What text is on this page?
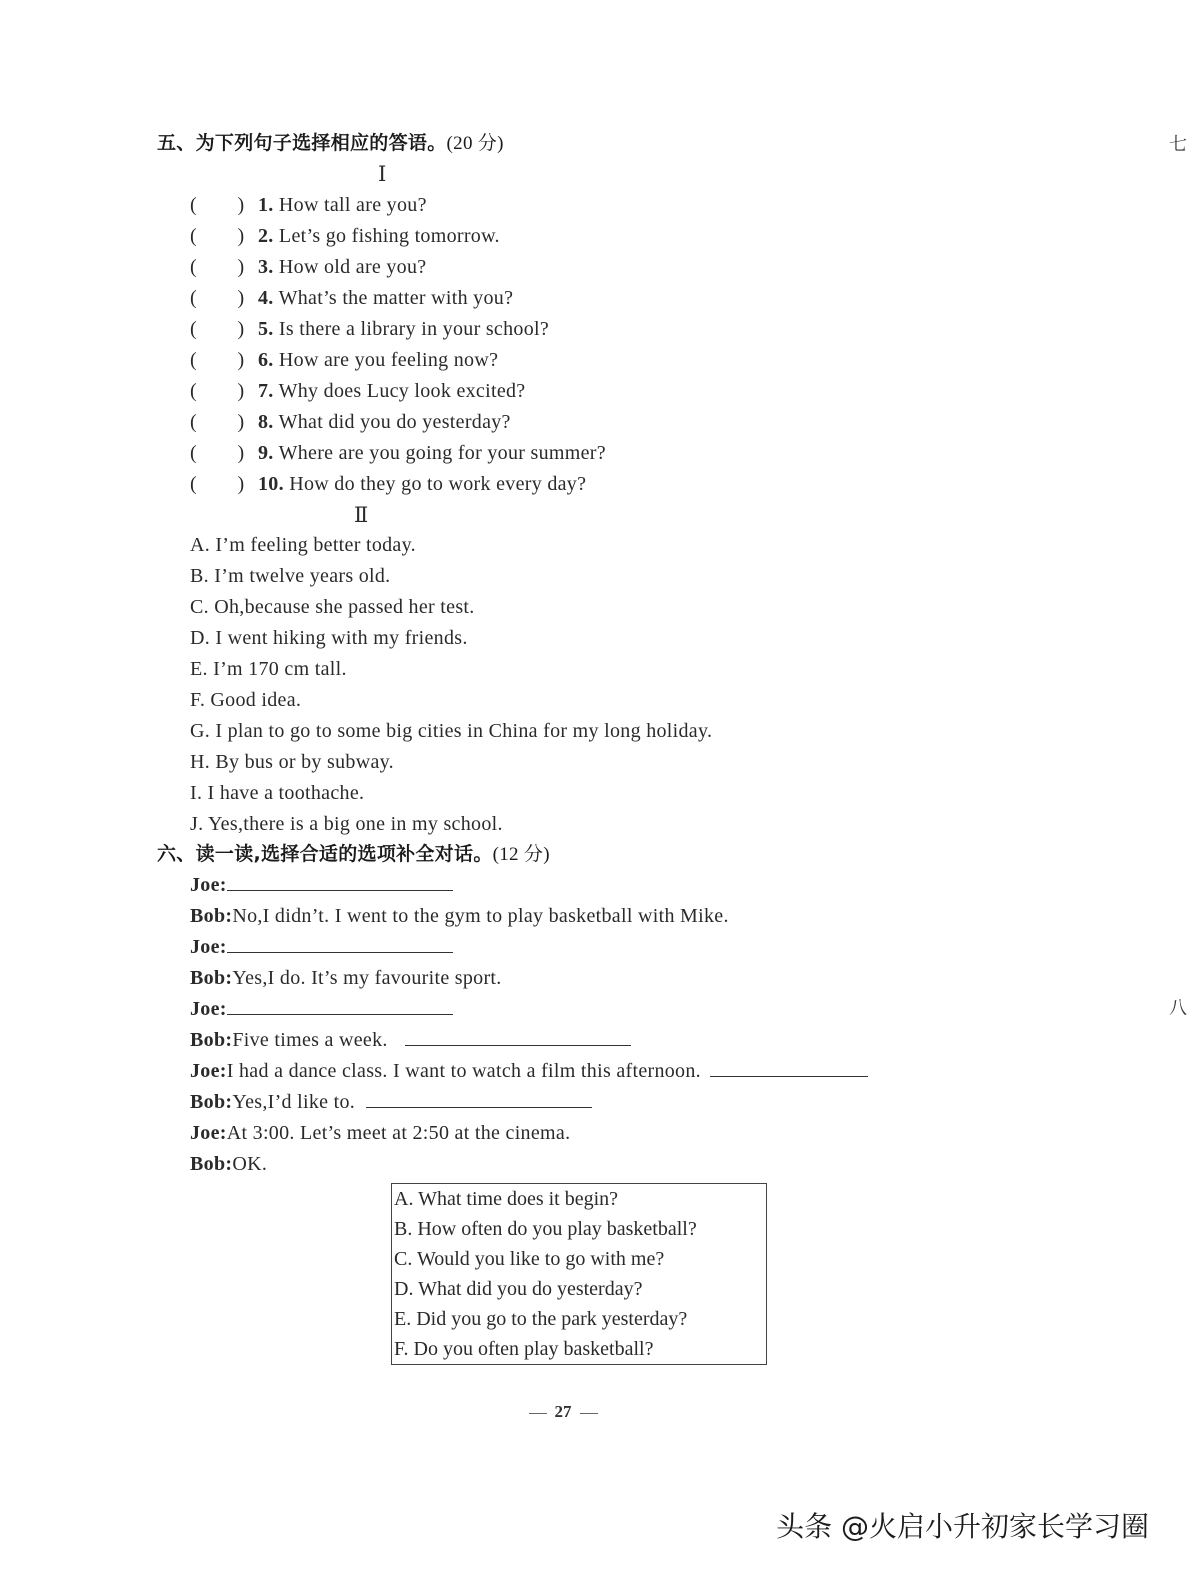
五、为下列句子选择相应的答语。(20 分)
Ⅰ
(　　) 1. How tall are you?
(　　) 2. Let’s go fishing tomorrow.
(　　) 3. How old are you?
(　　) 4. What’s the matter with you?
(　　) 5. Is there a library in your school?
(　　) 6. How are you feeling now?
(　　) 7. Why does Lucy look excited?
(　　) 8. What did you do yesterday?
(　　) 9. Where are you going for your summer?
(　　) 10. How do they go to work every day?
Ⅱ
A. I’m feeling better today.
B. I’m twelve years old.
C. Oh,because she passed her test.
D. I went hiking with my friends.
E. I’m 170 cm tall.
F. Good idea.
G. I plan to go to some big cities in China for my long holiday.
H. By bus or by subway.
I. I have a toothache.
J. Yes,there is a big one in my school.
六、读一读,选择合适的选项补全对话。(12 分)
Joe:
Bob:No,I didn’t. I went to the gym to play basketball with Mike.
Joe:
Bob:Yes,I do. It’s my favourite sport.
Joe:
Bob:Five times a week.
Joe:I had a dance class. I want to watch a film this afternoon.
Bob:Yes,I’d like to.
Joe:At 3:00. Let’s meet at 2:50 at the cinema.
Bob:OK.
A. What time does it begin?
B. How often do you play basketball?
C. Would you like to go with me?
D. What did you do yesterday?
E. Did you go to the park yesterday?
F. Do you often play basketball?
27
七
八
头条 @火启小升初家长学习圈
